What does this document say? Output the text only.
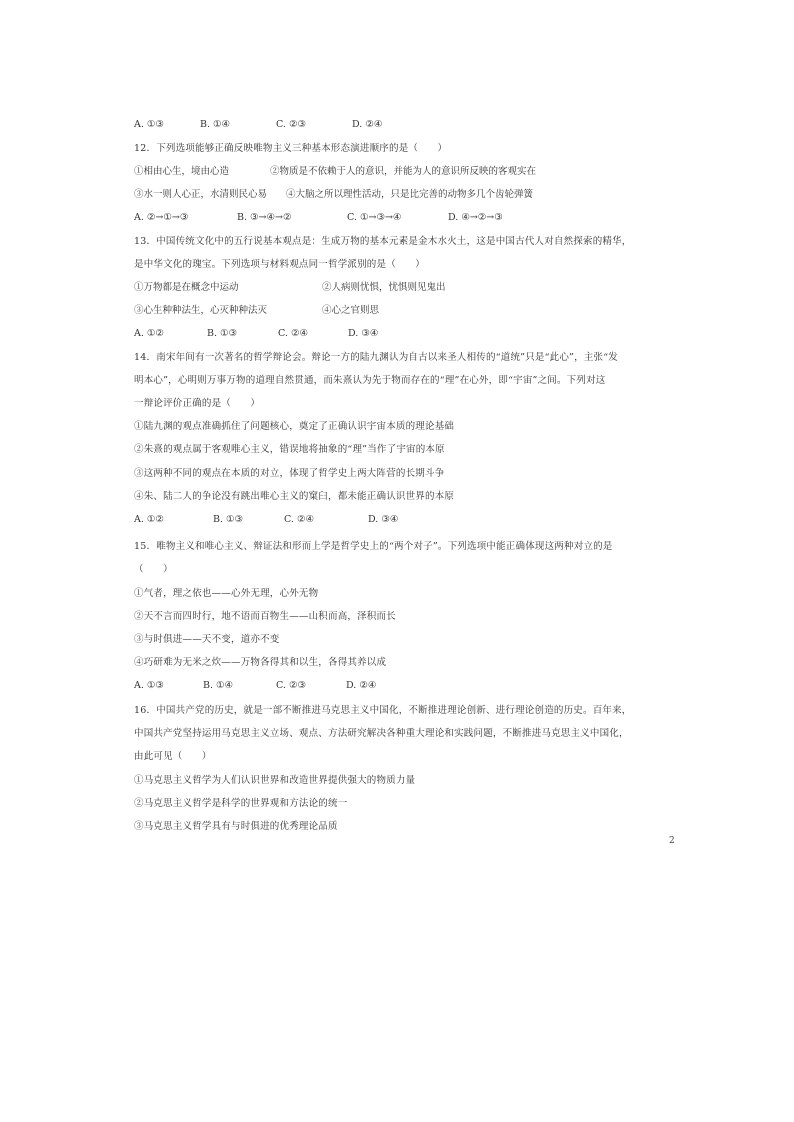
A. ①③	B. ①④	C. ②③	D. ②④
12．下列选项能够正确反映唯物主义三种基本形态演进顺序的是（　　）
①相由心生，境由心造	②物质是不依赖于人的意识，并能为人的意识所反映的客观实在
③水一则人心正，水清则民心易 ④大脑之所以理性活动，只是比完善的动物多几个齿轮弹簧
A. ②→①→③	B. ③→④→②	C. ①→③→④	D. ④→②→③
13．中国传统文化中的五行说基本观点是：生成万物的基本元素是金木水火土，这是中国古代人对自然探索的精华，
是中华文化的瑰宝。下列选项与材料观点同一哲学派别的是（　　）
①万物都是在概念中运动	②人病则忧惧，忧惧则见鬼出
③心生种种法生，心灭种种法灭	④心之官则思
A. ①②	B. ①③	C. ②④	D. ③④
14．南宋年间有一次著名的哲学辩论会。辩论一方的陆九渊认为自古以来圣人相传的“道统”只是“此心”，主张“发
明本心”，心明则万事万物的道理自然贯通，而朱熹认为先于物而存在的“理”在心外，即“宇宙”之间。下列对这
一辩论评价正确的是（　　）
①陆九渊的观点准确抓住了问题核心，奠定了正确认识宇宙本质的理论基础
②朱熹的观点属于客观唯心主义，错误地将抽象的“理”当作了宇宙的本原
③这两种不同的观点在本质的对立，体现了哲学史上两大阵营的长期斗争
④朱、陆二人的争论没有跳出唯心主义的窠臼，都未能正确认识世界的本原
A. ①②	B. ①③	C. ②④	D. ③④
15．唯物主义和唯心主义、辩证法和形而上学是哲学史上的“两个对子”。下列选项中能正确体现这两种对立的是
（　　）
①气者，理之依也——心外无理，心外无物
②天不言而四时行，地不语而百物生——山积而高，泽积而长
③与时俱进——天不变，道亦不变
④巧研难为无米之炊——万物各得其和以生，各得其养以成
A. ①③	B. ①④	C. ②③	D. ②④
16．中国共产党的历史，就是一部不断推进马克思主义中国化，不断推进理论创新、进行理论创造的历史。百年来，
中国共产党坚持运用马克思主义立场、观点、方法研究解决各种重大理论和实践问题，不断推进马克思主义中国化，
由此可见（　　）
①马克思主义哲学为人们认识世界和改造世界提供强大的物质力量
②马克思主义哲学是科学的世界观和方法论的统一
③马克思主义哲学具有与时俱进的优秀理论品质
2
